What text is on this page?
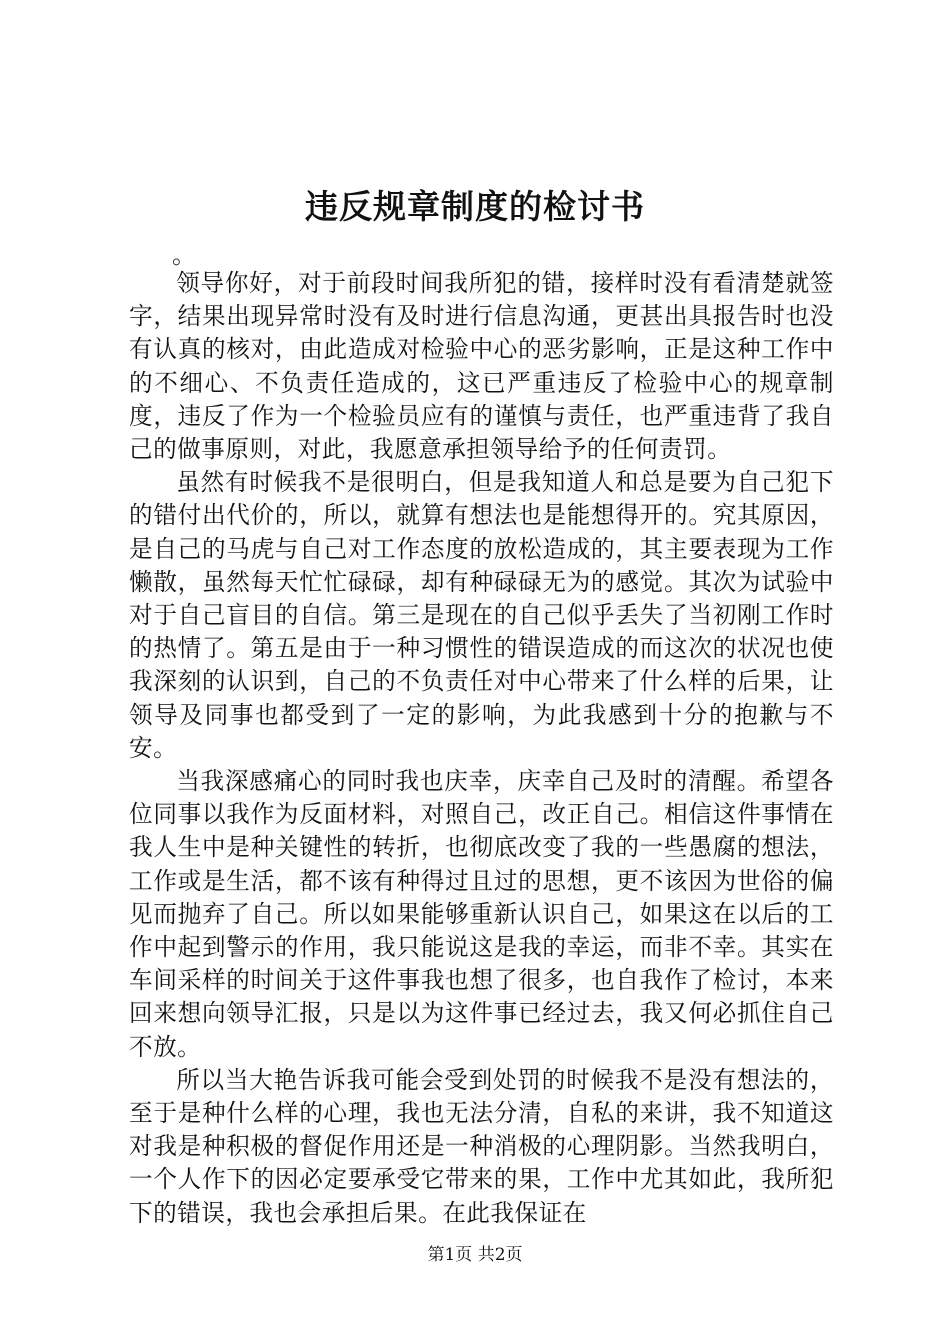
违反规章制度的检讨书

。

领导你好，对于前段时间我所犯的错，接样时没有看清楚就签字，结果出现异常时没有及时进行信息沟通，更甚出具报告时也没有认真的核对，由此造成对检验中心的恶劣影响，正是这种工作中的不细心、不负责任造成的，这已严重违反了检验中心的规章制度，违反了作为一个检验员应有的谨慎与责任，也严重违背了我自己的做事原则，对此，我愿意承担领导给予的任何责罚。

虽然有时候我不是很明白，但是我知道人和总是要为自己犯下的错付出代价的，所以，就算有想法也是能想得开的。究其原因，是自己的马虎与自己对工作态度的放松造成的，其主要表现为工作懒散，虽然每天忙忙碌碌，却有种碌碌无为的感觉。其次为试验中对于自己盲目的自信。第三是现在的自己似乎丢失了当初刚工作时的热情了。第五是由于一种习惯性的错误造成的而这次的状况也使我深刻的认识到，自己的不负责任对中心带来了什么样的后果，让领导及同事也都受到了一定的影响，为此我感到十分的抱歉与不安。

当我深感痛心的同时我也庆幸，庆幸自己及时的清醒。希望各位同事以我作为反面材料，对照自己，改正自己。相信这件事情在我人生中是种关键性的转折，也彻底改变了我的一些愚腐的想法，工作或是生活，都不该有种得过且过的思想，更不该因为世俗的偏见而抛弃了自己。所以如果能够重新认识自己，如果这在以后的工作中起到警示的作用，我只能说这是我的幸运，而非不幸。其实在车间采样的时间关于这件事我也想了很多，也自我作了检讨，本来回来想向领导汇报，只是以为这件事已经过去，我又何必抓住自己不放。

所以当大艳告诉我可能会受到处罚的时候我不是没有想法的，至于是种什么样的心理，我也无法分清，自私的来讲，我不知道这对我是种积极的督促作用还是一种消极的心理阴影。当然我明白，一个人作下的因必定要承受它带来的果，工作中尤其如此，我所犯下的错误，我也会承担后果。在此我保证在

第1页 共2页
